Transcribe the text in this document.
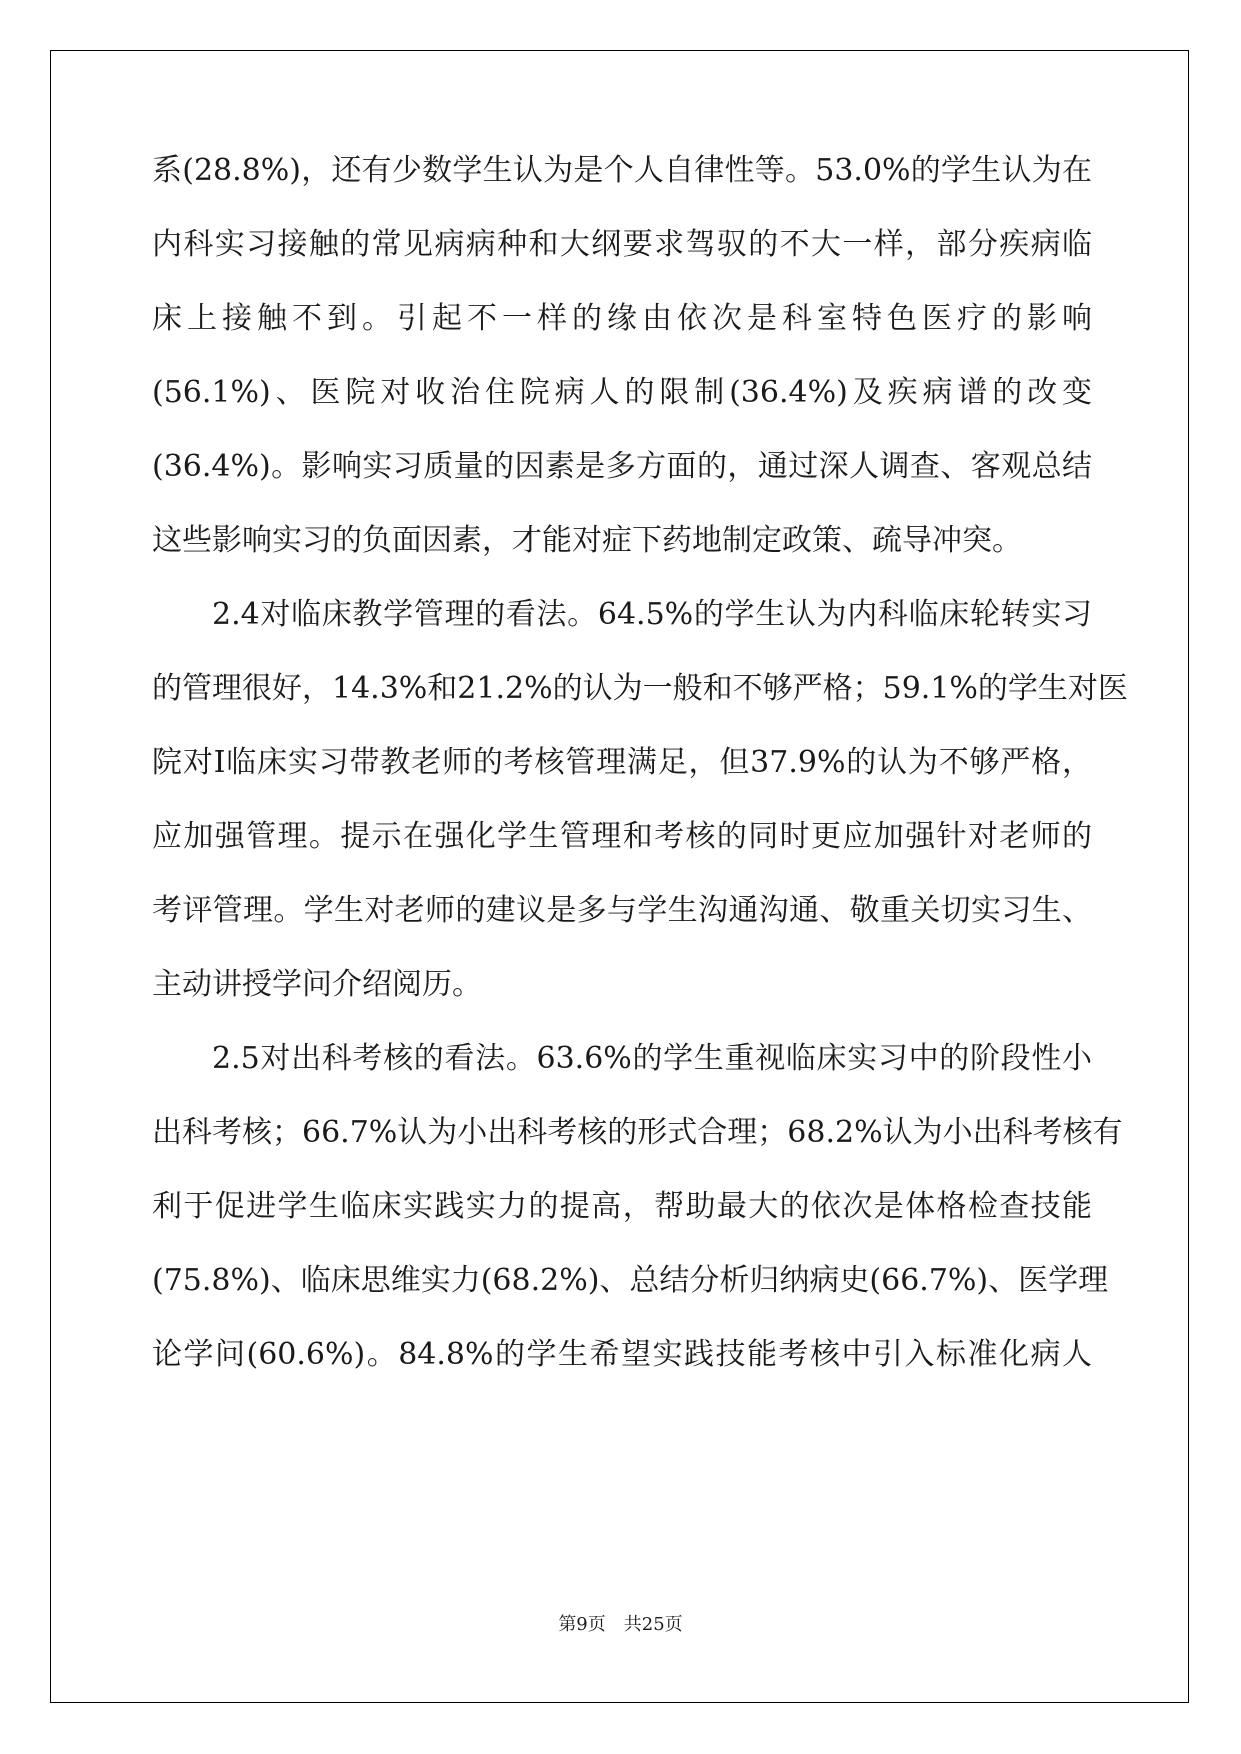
系(28.8%)，还有少数学生认为是个人自律性等。53.0%的学生认为在
内科实习接触的常见病病种和大纲要求驾驭的不大一样，部分疾病临
床上接触不到。引起不一样的缘由依次是科室特色医疗的影响
(56.1%)、医院对收治住院病人的限制(36.4%)及疾病谱的改变
(36.4%)。影响实习质量的因素是多方面的，通过深人调查、客观总结
这些影响实习的负面因素，才能对症下药地制定政策、疏导冲突。
2.4对临床教学管理的看法。64.5%的学生认为内科临床轮转实习
的管理很好，14.3%和21.2%的认为一般和不够严格；59.1%的学生对医
院对Ⅰ临床实习带教老师的考核管理满足，但37.9%的认为不够严格，
应加强管理。提示在强化学生管理和考核的同时更应加强针对老师的
考评管理。学生对老师的建议是多与学生沟通沟通、敬重关切实习生、
主动讲授学问介绍阅历。
2.5对出科考核的看法。63.6%的学生重视临床实习中的阶段性小
出科考核；66.7%认为小出科考核的形式合理；68.2%认为小出科考核有
利于促进学生临床实践实力的提高，帮助最大的依次是体格检查技能
(75.8%)、临床思维实力(68.2%)、总结分析归纳病史(66.7%)、医学理
论学问(60.6%)。84.8%的学生希望实践技能考核中引入标准化病人
第9页　共25页
